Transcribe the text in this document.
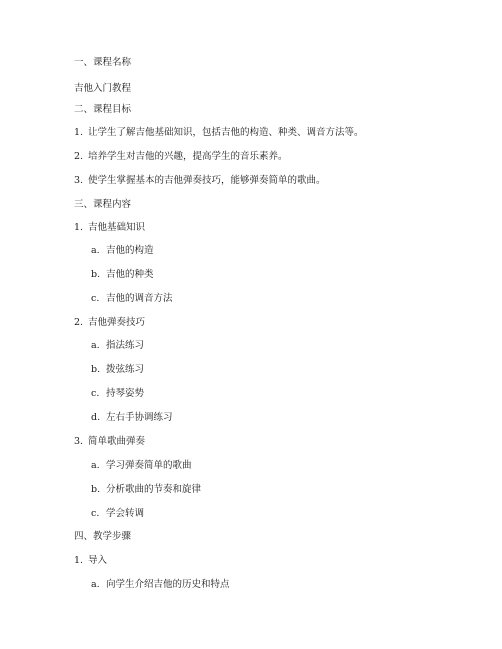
一、课程名称
吉他入门教程
二、课程目标
1. 让学生了解吉他基础知识，包括吉他的构造、种类、调音方法等。
2. 培养学生对吉他的兴趣，提高学生的音乐素养。
3. 使学生掌握基本的吉他弹奏技巧，能够弹奏简单的歌曲。
三、课程内容
1. 吉他基础知识
a. 吉他的构造
b. 吉他的种类
c. 吉他的调音方法
2. 吉他弹奏技巧
a. 指法练习
b. 拨弦练习
c. 持琴姿势
d. 左右手协调练习
3. 简单歌曲弹奏
a. 学习弹奏简单的歌曲
b. 分析歌曲的节奏和旋律
c. 学会转调
四、教学步骤
1. 导入
a. 向学生介绍吉他的历史和特点
